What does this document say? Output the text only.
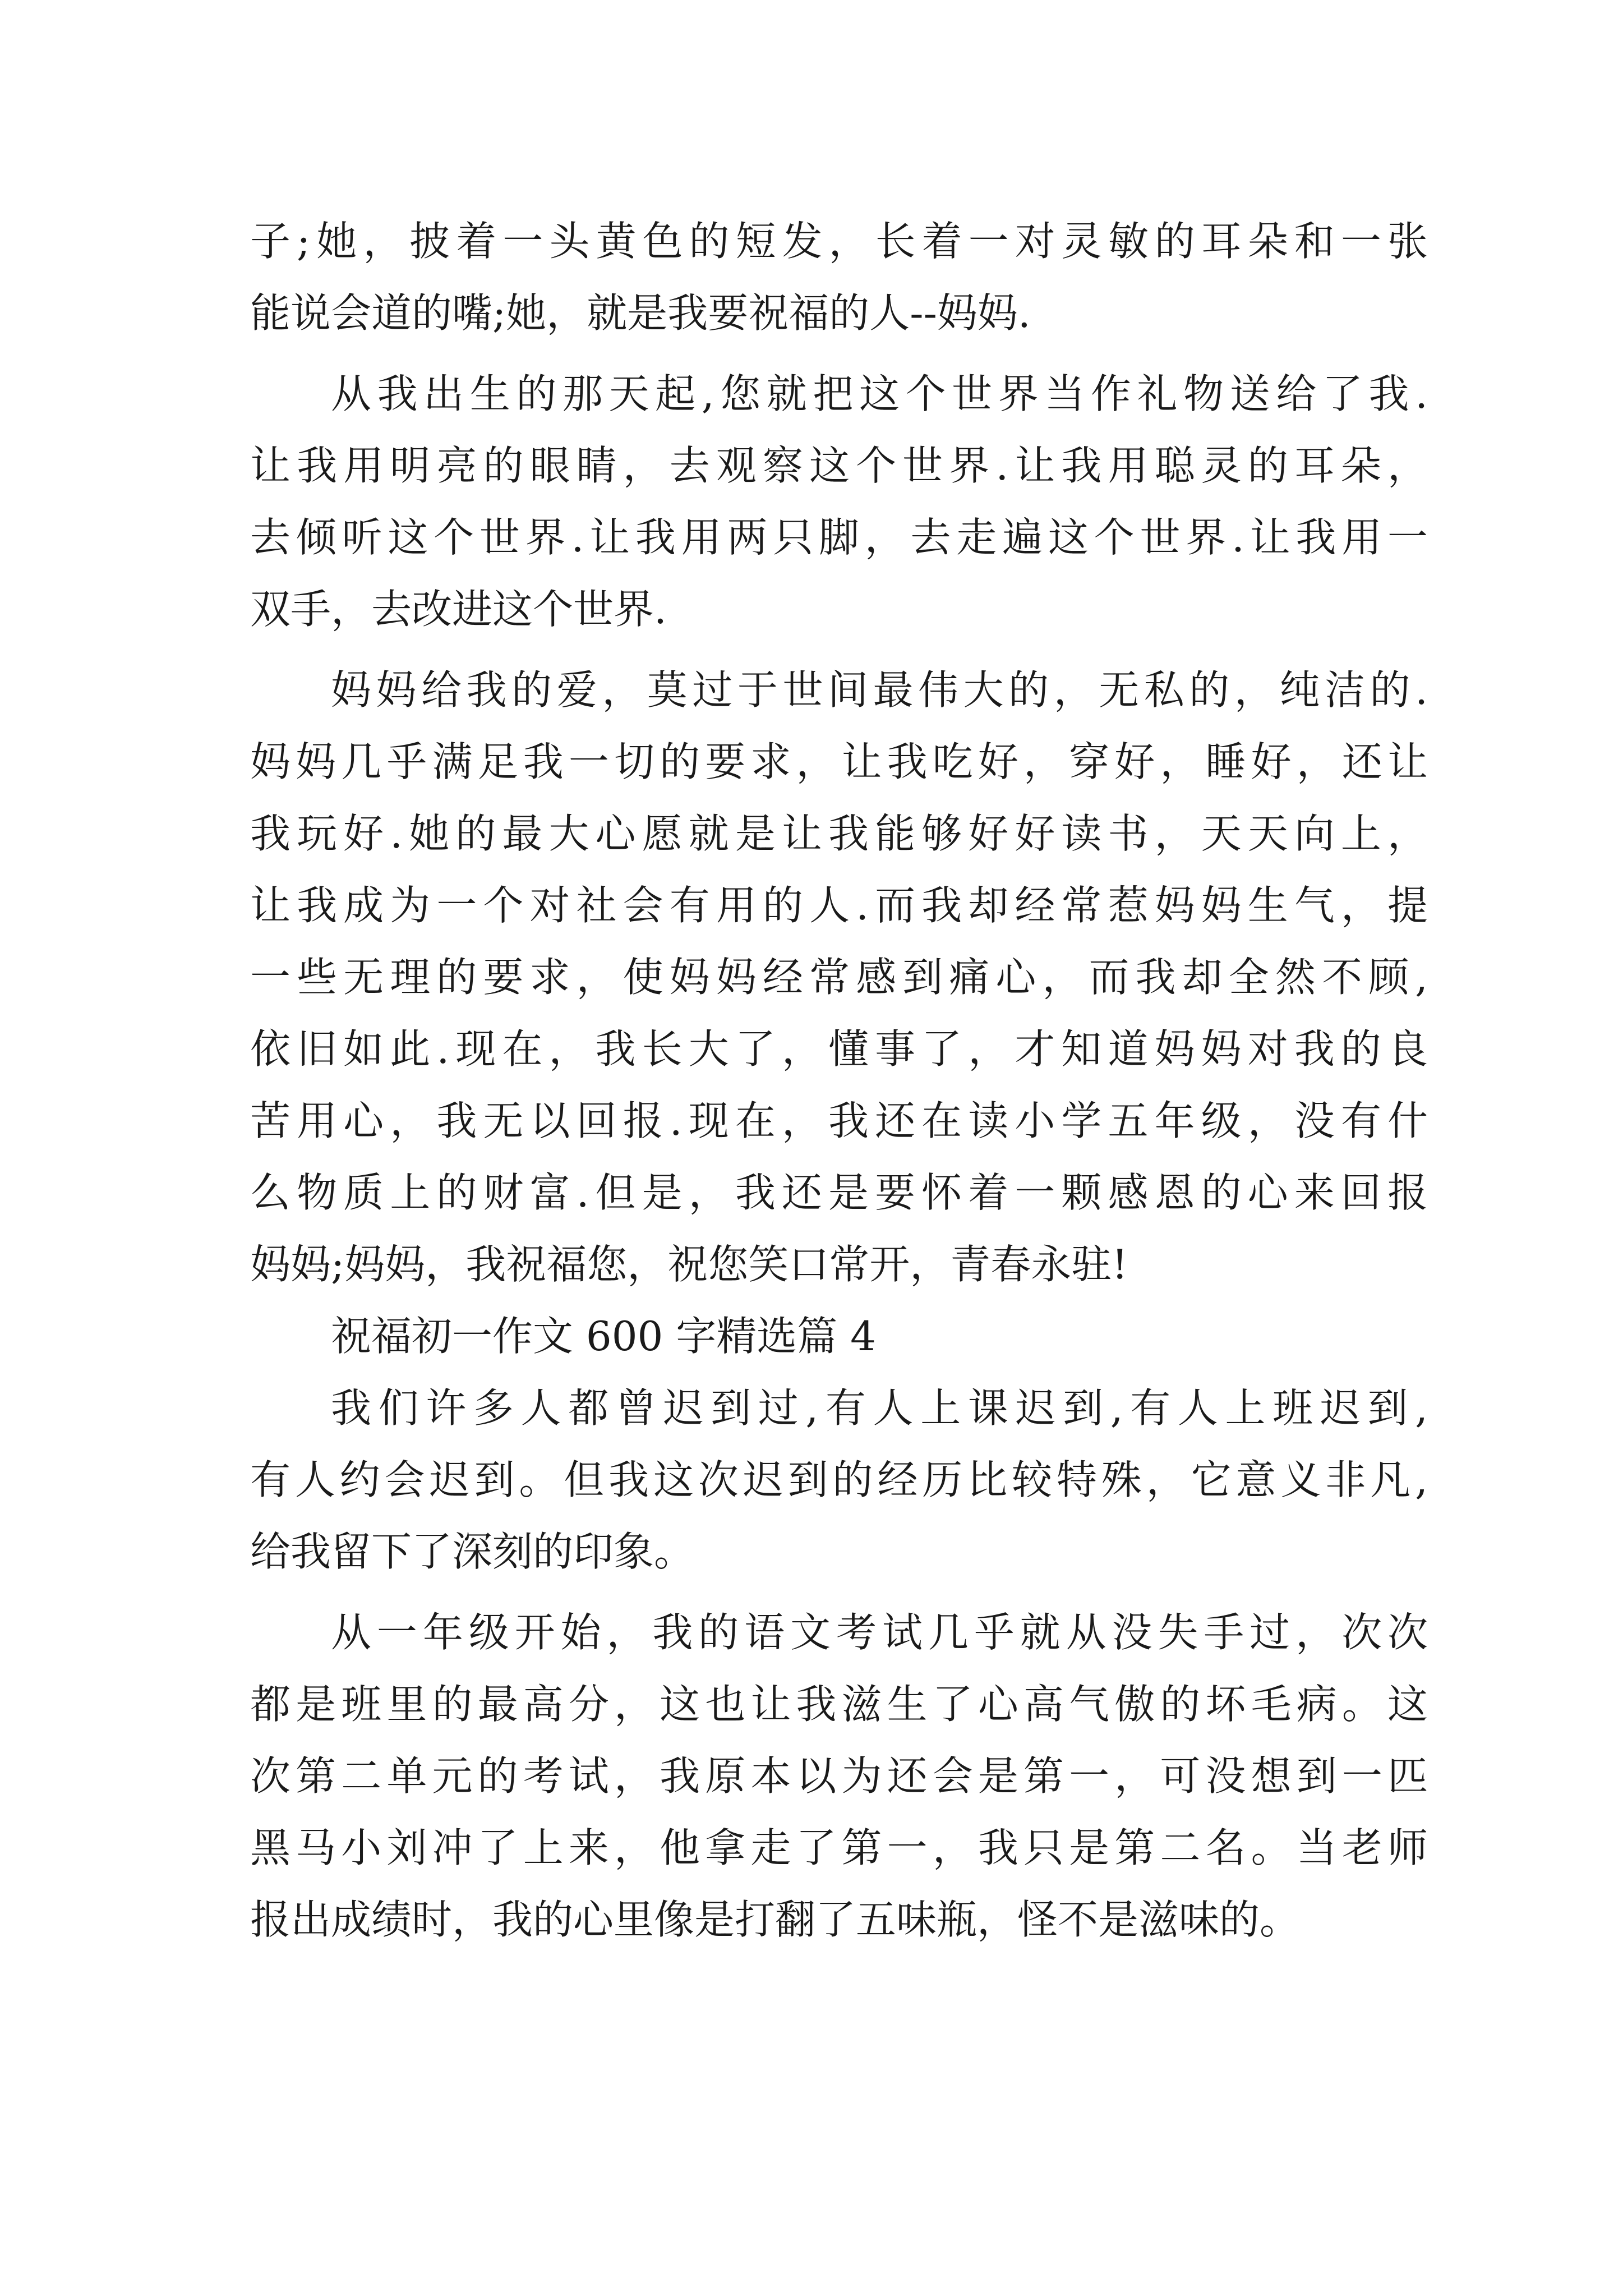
子;她，披着一头黄色的短发，长着一对灵敏的耳朵和一张
能说会道的嘴;她，就是我要祝福的人--妈妈.
从我出生的那天起,您就把这个世界当作礼物送给了我.
让我用明亮的眼睛，去观察这个世界.让我用聪灵的耳朵，
去倾听这个世界.让我用两只脚，去走遍这个世界.让我用一
双手，去改进这个世界.
妈妈给我的爱，莫过于世间最伟大的，无私的，纯洁的.
妈妈几乎满足我一切的要求，让我吃好，穿好，睡好，还让
我玩好.她的最大心愿就是让我能够好好读书，天天向上，
让我成为一个对社会有用的人.而我却经常惹妈妈生气，提
一些无理的要求，使妈妈经常感到痛心，而我却全然不顾,
依旧如此.现在，我长大了，懂事了，才知道妈妈对我的良
苦用心，我无以回报.现在，我还在读小学五年级，没有什
么物质上的财富.但是，我还是要怀着一颗感恩的心来回报
妈妈;妈妈，我祝福您，祝您笑口常开，青春永驻!
祝福初一作文 600 字精选篇 4
我们许多人都曾迟到过,有人上课迟到,有人上班迟到,
有人约会迟到。但我这次迟到的经历比较特殊，它意义非凡,
给我留下了深刻的印象。
从一年级开始，我的语文考试几乎就从没失手过，次次
都是班里的最高分，这也让我滋生了心高气傲的坏毛病。这
次第二单元的考试，我原本以为还会是第一，可没想到一匹
黑马小刘冲了上来，他拿走了第一，我只是第二名。当老师
报出成绩时，我的心里像是打翻了五味瓶，怪不是滋味的。
